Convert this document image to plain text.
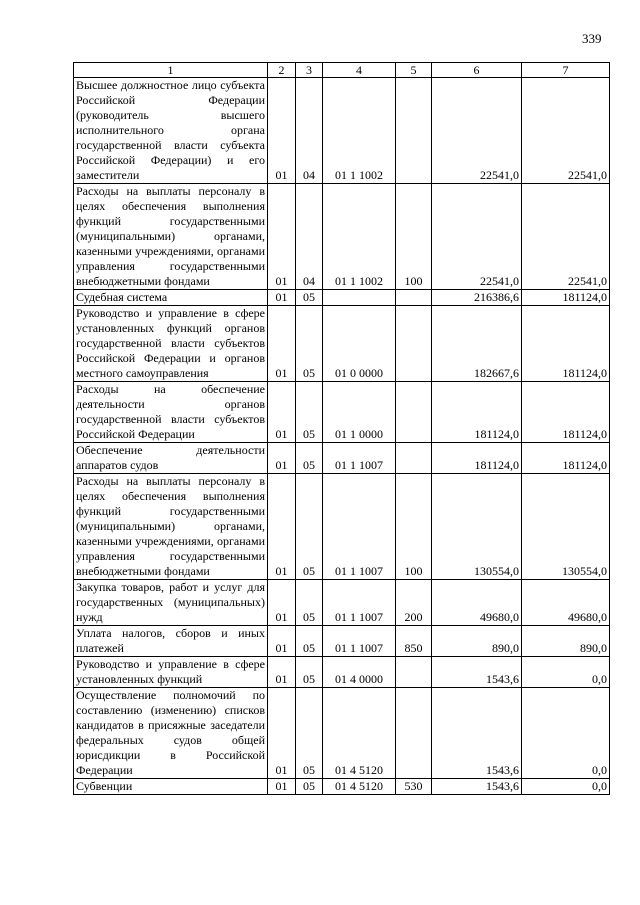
339
1	2	3	4	5	6	7
Высшее должностное лицо субъекта Российской Федерации (руководитель высшего исполнительного органа государственной власти субъекта Российской Федерации) и его заместители	01	04	01 1 1002		22541,0	22541,0
Расходы на выплаты персоналу в целях обеспечения выполнения функций государственными (муниципальными) органами, казенными учреждениями, органами управления государственными внебюджетными фондами	01	04	01 1 1002	100	22541,0	22541,0
Судебная система	01	05			216386,6	181124,0
Руководство и управление в сфере установленных функций органов государственной власти субъектов Российской Федерации и органов местного самоуправления	01	05	01 0 0000		182667,6	181124,0
Расходы на обеспечение деятельности органов государственной власти субъектов Российской Федерации	01	05	01 1 0000		181124,0	181124,0
Обеспечение деятельности аппаратов судов	01	05	01 1 1007		181124,0	181124,0
Расходы на выплаты персоналу в целях обеспечения выполнения функций государственными (муниципальными) органами, казенными учреждениями, органами управления государственными внебюджетными фондами	01	05	01 1 1007	100	130554,0	130554,0
Закупка товаров, работ и услуг для государственных (муниципальных) нужд	01	05	01 1 1007	200	49680,0	49680,0
Уплата налогов, сборов и иных платежей	01	05	01 1 1007	850	890,0	890,0
Руководство и управление в сфере установленных функций	01	05	01 4 0000		1543,6	0,0
Осуществление полномочий по составлению (изменению) списков кандидатов в присяжные заседатели федеральных судов общей юрисдикции в Российской Федерации	01	05	01 4 5120		1543,6	0,0
Субвенции	01	05	01 4 5120	530	1543,6	0,0
